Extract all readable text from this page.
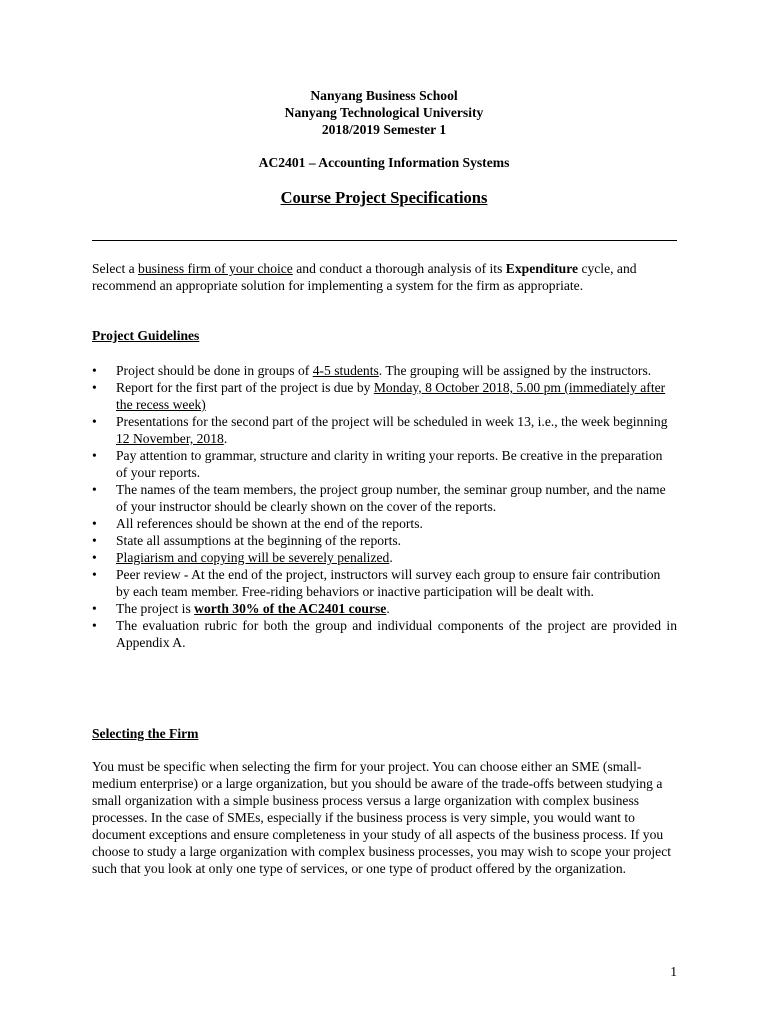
Nanyang Business School
Nanyang Technological University
2018/2019 Semester 1
AC2401 – Accounting Information Systems
Course Project Specifications
Select a business firm of your choice and conduct a thorough analysis of its Expenditure cycle, and recommend an appropriate solution for implementing a system for the firm as appropriate.
Project Guidelines
•	Project should be done in groups of 4-5 students. The grouping will be assigned by the instructors.
•	Report for the first part of the project is due by Monday, 8 October 2018, 5.00 pm (immediately after the recess week)
•	Presentations for the second part of the project will be scheduled in week 13, i.e., the week beginning 12 November, 2018.
•	Pay attention to grammar, structure and clarity in writing your reports. Be creative in the preparation of your reports.
•	The names of the team members, the project group number, the seminar group number, and the name of your instructor should be clearly shown on the cover of the reports.
•	All references should be shown at the end of the reports.
•	State all assumptions at the beginning of the reports.
•	Plagiarism and copying will be severely penalized.
•	Peer review - At the end of the project, instructors will survey each group to ensure fair contribution by each team member. Free-riding behaviors or inactive participation will be dealt with.
•	The project is worth 30% of the AC2401 course.
•	The evaluation rubric for both the group and individual components of the project are provided in Appendix A.
Selecting the Firm
You must be specific when selecting the firm for your project. You can choose either an SME (small-medium enterprise) or a large organization, but you should be aware of the trade-offs between studying a small organization with a simple business process versus a large organization with complex business processes. In the case of SMEs, especially if the business process is very simple, you would want to document exceptions and ensure completeness in your study of all aspects of the business process. If you choose to study a large organization with complex business processes, you may wish to scope your project such that you look at only one type of services, or one type of product offered by the organization.
1
